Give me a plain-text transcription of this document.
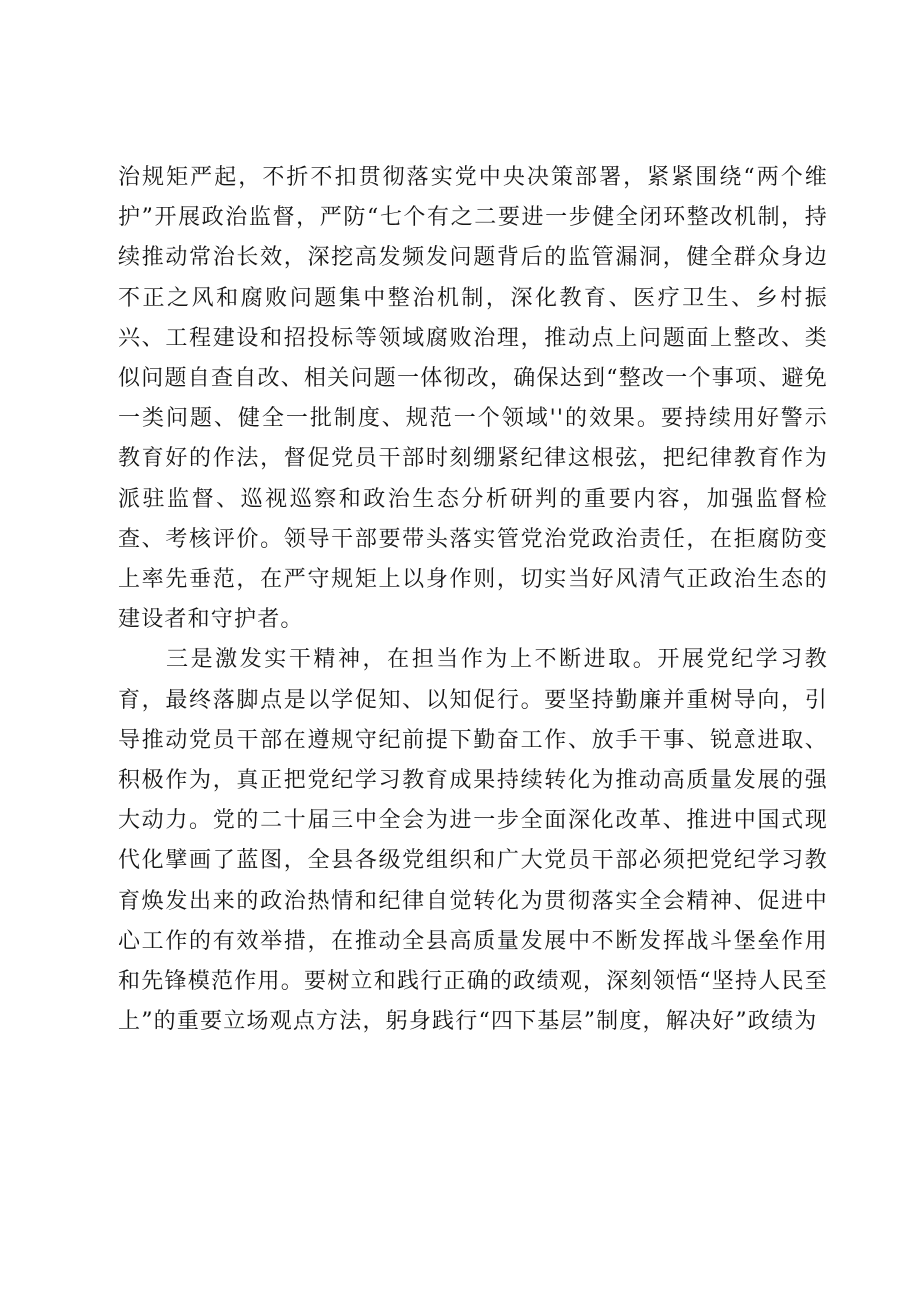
治规矩严起，不折不扣贯彻落实党中央决策部署，紧紧围绕“两个维护”开展政治监督，严防“七个有之二要进一步健全闭环整改机制，持续推动常治长效，深挖高发频发问题背后的监管漏洞，健全群众身边不正之风和腐败问题集中整治机制，深化教育、医疗卫生、乡村振兴、工程建设和招投标等领域腐败治理，推动点上问题面上整改、类似问题自查自改、相关问题一体彻改，确保达到“整改一个事项、避免一类问题、健全一批制度、规范一个领域''的效果。要持续用好警示教育好的作法，督促党员干部时刻绷紧纪律这根弦，把纪律教育作为派驻监督、巡视巡察和政治生态分析研判的重要内容，加强监督检查、考核评价。领导干部要带头落实管党治党政治责任，在拒腐防变上率先垂范，在严守规矩上以身作则，切实当好风清气正政治生态的建设者和守护者。

三是激发实干精神，在担当作为上不断进取。开展党纪学习教育，最终落脚点是以学促知、以知促行。要坚持勤廉并重树导向，引导推动党员干部在遵规守纪前提下勤奋工作、放手干事、锐意进取、积极作为，真正把党纪学习教育成果持续转化为推动高质量发展的强大动力。党的二十届三中全会为进一步全面深化改革、推进中国式现代化擘画了蓝图，全县各级党组织和广大党员干部必须把党纪学习教育焕发出来的政治热情和纪律自觉转化为贯彻落实全会精神、促进中心工作的有效举措，在推动全县高质量发展中不断发挥战斗堡垒作用和先锋模范作用。要树立和践行正确的政绩观，深刻领悟“坚持人民至上”的重要立场观点方法，躬身践行“四下基层”制度，解决好”政绩为
